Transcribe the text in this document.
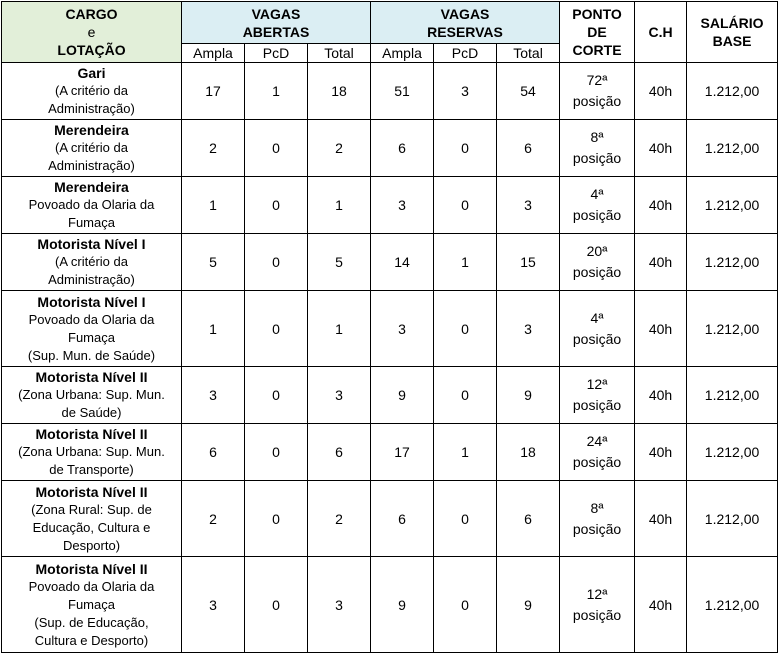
CARGO
e
LOTAÇÃO	VAGAS
ABERTAS			VAGAS
RESERVAS			PONTO
DE
CORTE	C.H	SALÁRIO
BASE

	Ampla	PcD	Total	Ampla	PcD	Total			

Gari
(A critério da
Administração)	17	1	18	51	3	54	72ª
posição	40h	1.212,00

Merendeira
(A critério da
Administração)	2	0	2	6	0	6	8ª
posição	40h	1.212,00

Merendeira
Povoado da Olaria da
Fumaça	1	0	1	3	0	3	4ª
posição	40h	1.212,00

Motorista Nível I
(A critério da
Administração)	5	0	5	14	1	15	20ª
posição	40h	1.212,00

Motorista Nível I
Povoado da Olaria da
Fumaça
(Sup. Mun. de Saúde)	1	0	1	3	0	3	4ª
posição	40h	1.212,00

Motorista Nível II
(Zona Urbana: Sup. Mun.
de Saúde)	3	0	3	9	0	9	12ª
posição	40h	1.212,00

Motorista Nível II
(Zona Urbana: Sup. Mun.
de Transporte)	6	0	6	17	1	18	24ª
posição	40h	1.212,00

Motorista Nível II
(Zona Rural: Sup. de
Educação, Cultura e
Desporto)	2	0	2	6	0	6	8ª
posição	40h	1.212,00

Motorista Nível II
Povoado da Olaria da
Fumaça
(Sup. de Educação,
Cultura e Desporto)	3	0	3	9	0	9	12ª
posição	40h	1.212,00
